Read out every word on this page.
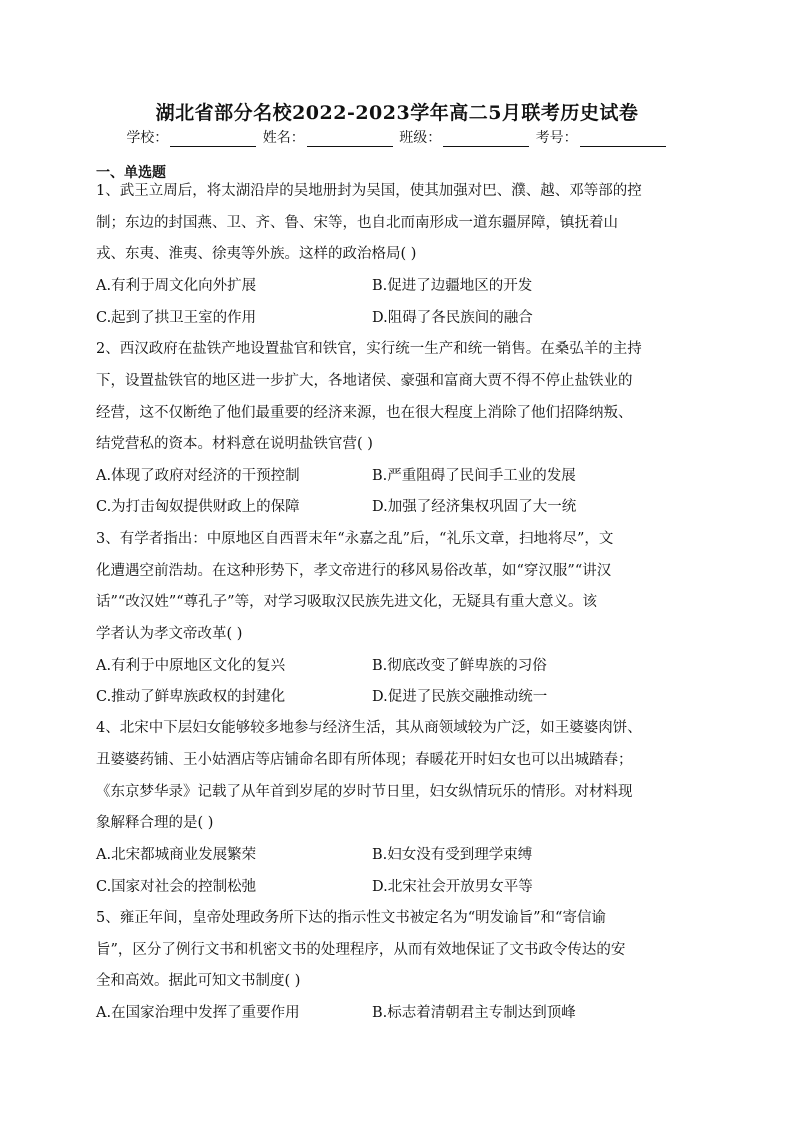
湖北省部分名校2022-2023学年高二5月联考历史试卷
学校：	姓名：	班级：	考号：
一、单选题
1、武王立周后，将太湖沿岸的吴地册封为吴国，使其加强对巴、濮、越、邓等部的控
制；东边的封国燕、卫、齐、鲁、宋等，也自北而南形成一道东疆屏障，镇抚着山
戎、东夷、淮夷、徐夷等外族。这样的政治格局( )
A.有利于周文化向外扩展	B.促进了边疆地区的开发
C.起到了拱卫王室的作用	D.阻碍了各民族间的融合
2、西汉政府在盐铁产地设置盐官和铁官，实行统一生产和统一销售。在桑弘羊的主持
下，设置盐铁官的地区进一步扩大，各地诸侯、豪强和富商大贾不得不停止盐铁业的
经营，这不仅断绝了他们最重要的经济来源，也在很大程度上消除了他们招降纳叛、
结党营私的资本。材料意在说明盐铁官营( )
A.体现了政府对经济的干预控制	B.严重阻碍了民间手工业的发展
C.为打击匈奴提供财政上的保障	D.加强了经济集权巩固了大一统
3、有学者指出：中原地区自西晋末年“永嘉之乱”后，“礼乐文章，扫地将尽”，文
化遭遇空前浩劫。在这种形势下，孝文帝进行的移风易俗改革，如“穿汉服”“讲汉
话”“改汉姓”“尊孔子”等，对学习吸取汉民族先进文化，无疑具有重大意义。该
学者认为孝文帝改革( )
A.有利于中原地区文化的复兴	B.彻底改变了鲜卑族的习俗
C.推动了鲜卑族政权的封建化	D.促进了民族交融推动统一
4、北宋中下层妇女能够较多地参与经济生活，其从商领域较为广泛，如王婆婆肉饼、
丑婆婆药铺、王小姑酒店等店铺命名即有所体现；春暖花开时妇女也可以出城踏春；
《东京梦华录》记载了从年首到岁尾的岁时节日里，妇女纵情玩乐的情形。对材料现
象解释合理的是( )
A.北宋都城商业发展繁荣	B.妇女没有受到理学束缚
C.国家对社会的控制松弛	D.北宋社会开放男女平等
5、雍正年间，皇帝处理政务所下达的指示性文书被定名为“明发谕旨”和“寄信谕
旨”，区分了例行文书和机密文书的处理程序，从而有效地保证了文书政令传达的安
全和高效。据此可知文书制度( )
A.在国家治理中发挥了重要作用	B.标志着清朝君主专制达到顶峰
